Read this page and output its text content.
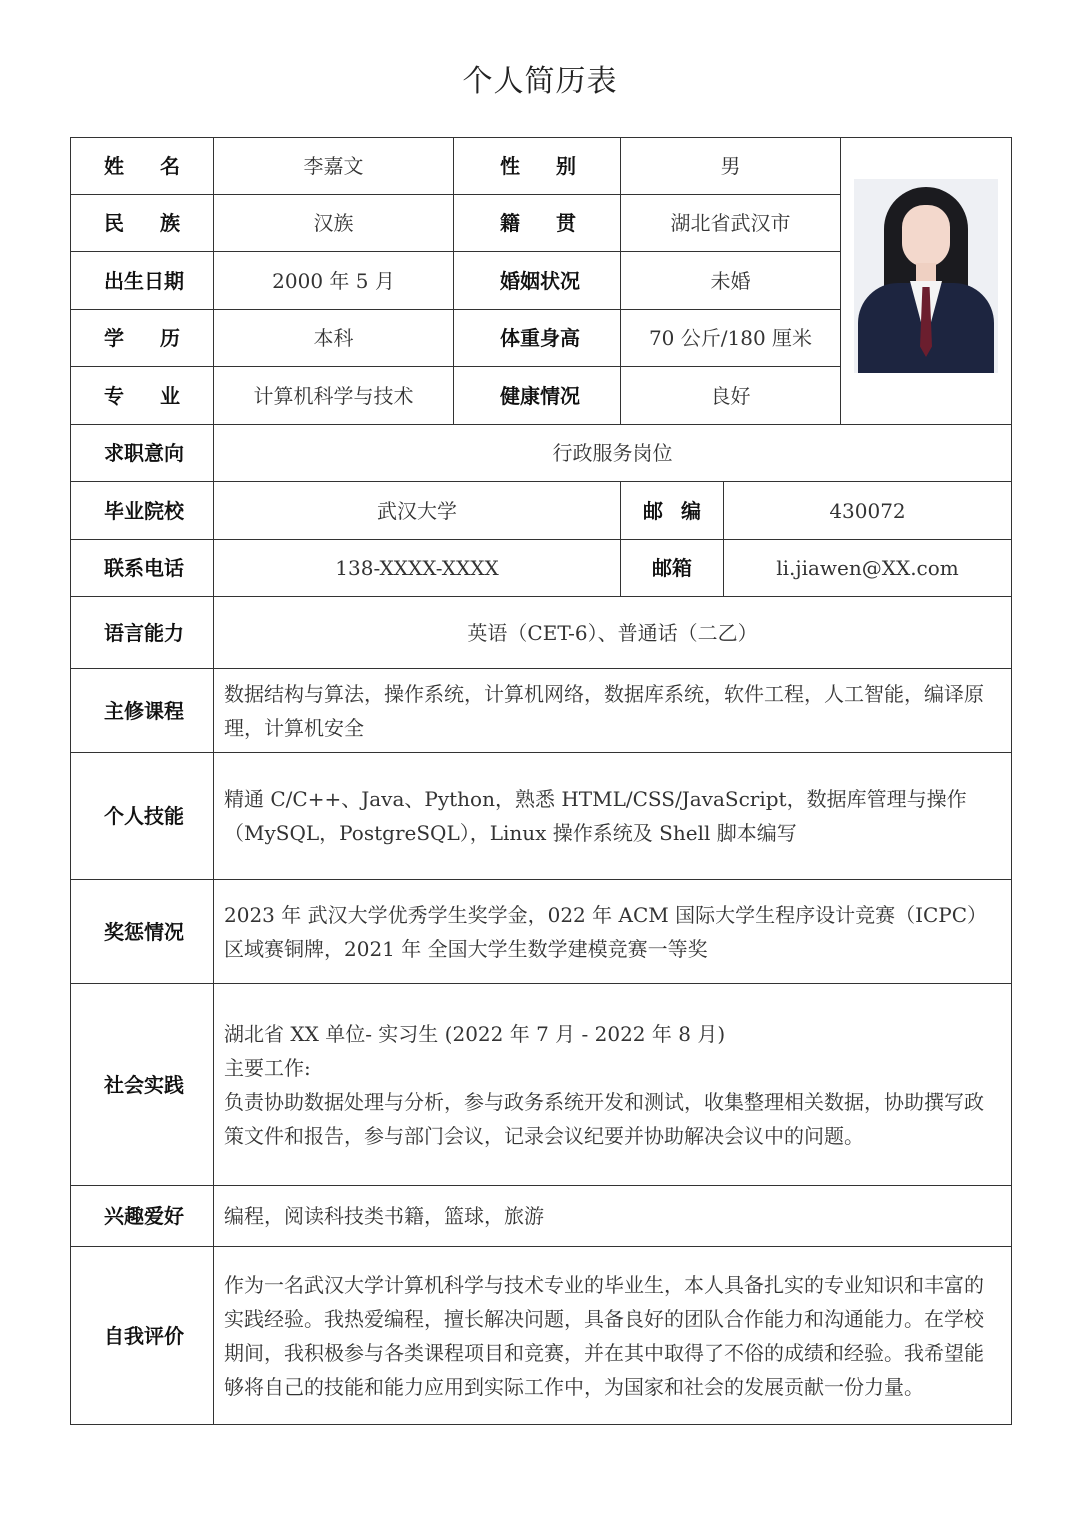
个人简历表
姓 名	李嘉文	性 别	男		

民 族	汉族	籍 贯	湖北省武汉市		
出生日期	2000 年 5 月	婚姻状况	未婚		

学 历	本科	体重身高	70 公斤/180 厘米		

专 业	计算机科学与技术	健康情况	良好		
求职意向	行政服务岗位				
毕业院校	武汉大学		邮 编	430072	
联系电话	138-XXXX-XXXX		邮箱	li.jiawen@XX.com	
语言能力	英语（CET-6）、普通话（二乙）				
主修课程	数据结构与算法，操作系统，计算机网络，数据库系统，软件工程，人工智能，编译原理，计算机安全				
个人技能	精通 C/C++、Java、Python，熟悉 HTML/CSS/JavaScript，数据库管理与操作（MySQL，PostgreSQL），Linux 操作系统及 Shell 脚本编写				
奖惩情况	2023 年 武汉大学优秀学生奖学金，022 年 ACM 国际大学生程序设计竞赛（ICPC）区域赛铜牌，2021 年 全国大学生数学建模竞赛一等奖				
社会实践	湖北省 XX 单位- 实习生 (2022 年 7 月 - 2022 年 8 月)
主要工作:
负责协助数据处理与分析，参与政务系统开发和测试，收集整理相关数据，协助撰写政策文件和报告，参与部门会议，记录会议纪要并协助解决会议中的问题。				

兴趣爱好	编程，阅读科技类书籍，篮球，旅游				
自我评价	作为一名武汉大学计算机科学与技术专业的毕业生，本人具备扎实的专业知识和丰富的实践经验。我热爱编程，擅长解决问题，具备良好的团队合作能力和沟通能力。在学校期间，我积极参与各类课程项目和竞赛，并在其中取得了不俗的成绩和经验。我希望能够将自己的技能和能力应用到实际工作中，为国家和社会的发展贡献一份力量。				
